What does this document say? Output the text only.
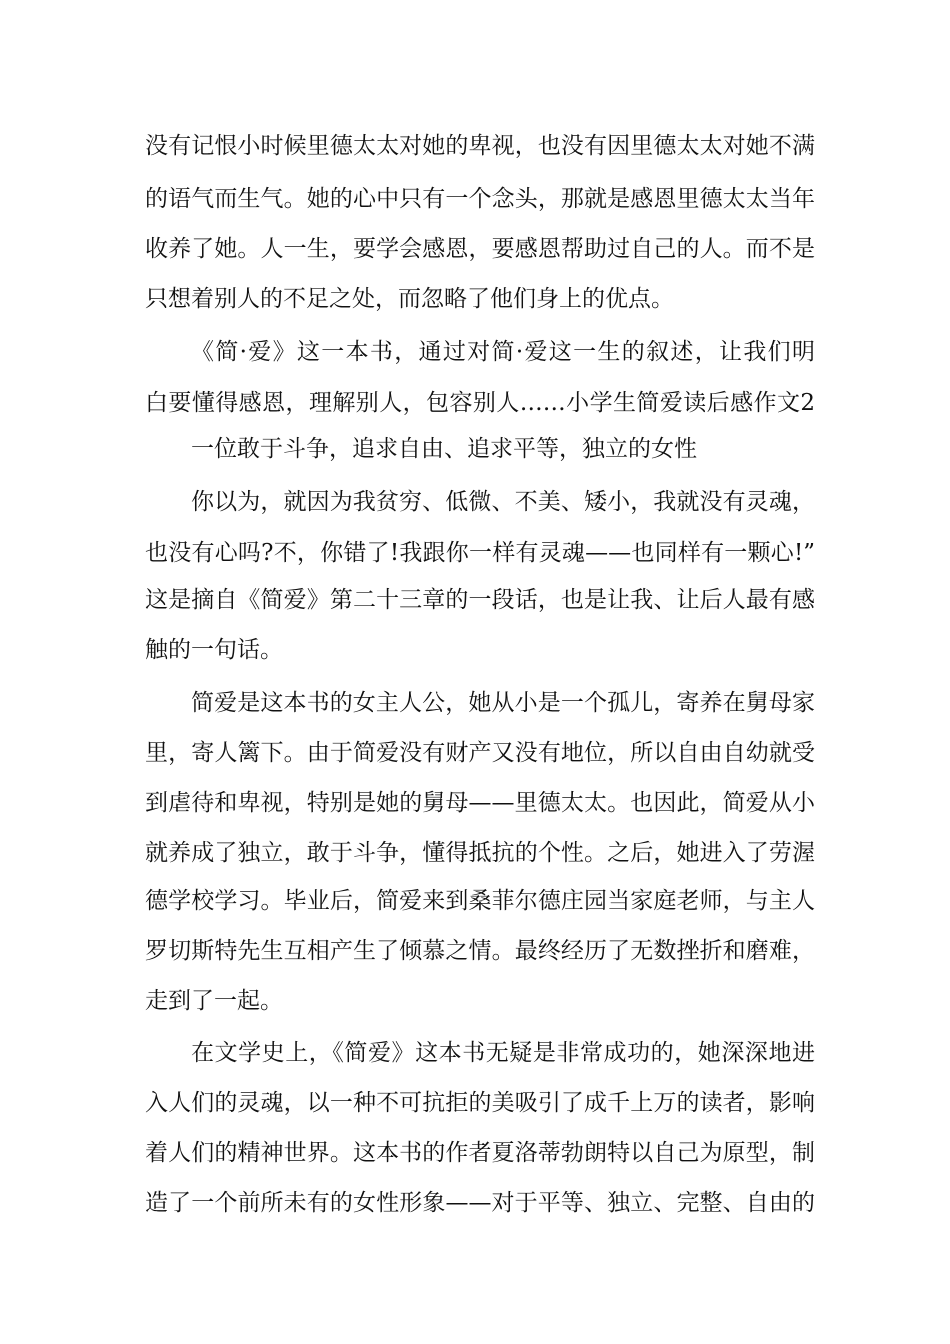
没有记恨小时候里德太太对她的卑视，也没有因里德太太对她不满
的语气而生气。她的心中只有一个念头，那就是感恩里德太太当年
收养了她。人一生，要学会感恩，要感恩帮助过自己的人。而不是
只想着别人的不足之处，而忽略了他们身上的优点。
《简·爱》这一本书，通过对简·爱这一生的叙述，让我们明
白要懂得感恩，理解别人，包容别人……小学生简爱读后感作文2
一位敢于斗争，追求自由、追求平等，独立的女性
你以为，就因为我贫穷、低微、不美、矮小，我就没有灵魂，
也没有心吗?不，你错了!我跟你一样有灵魂——也同样有一颗心!”
这是摘自《简爱》第二十三章的一段话，也是让我、让后人最有感
触的一句话。
简爱是这本书的女主人公，她从小是一个孤儿，寄养在舅母家
里，寄人篱下。由于简爱没有财产又没有地位，所以自由自幼就受
到虐待和卑视，特别是她的舅母——里德太太。也因此，简爱从小
就养成了独立，敢于斗争，懂得抵抗的个性。之后，她进入了劳渥
德学校学习。毕业后，简爱来到桑菲尔德庄园当家庭老师，与主人
罗切斯特先生互相产生了倾慕之情。最终经历了无数挫折和磨难，
走到了一起。
在文学史上，《简爱》这本书无疑是非常成功的，她深深地进
入人们的灵魂，以一种不可抗拒的美吸引了成千上万的读者，影响
着人们的精神世界。这本书的作者夏洛蒂勃朗特以自己为原型，制
造了一个前所未有的女性形象——对于平等、独立、完整、自由的
